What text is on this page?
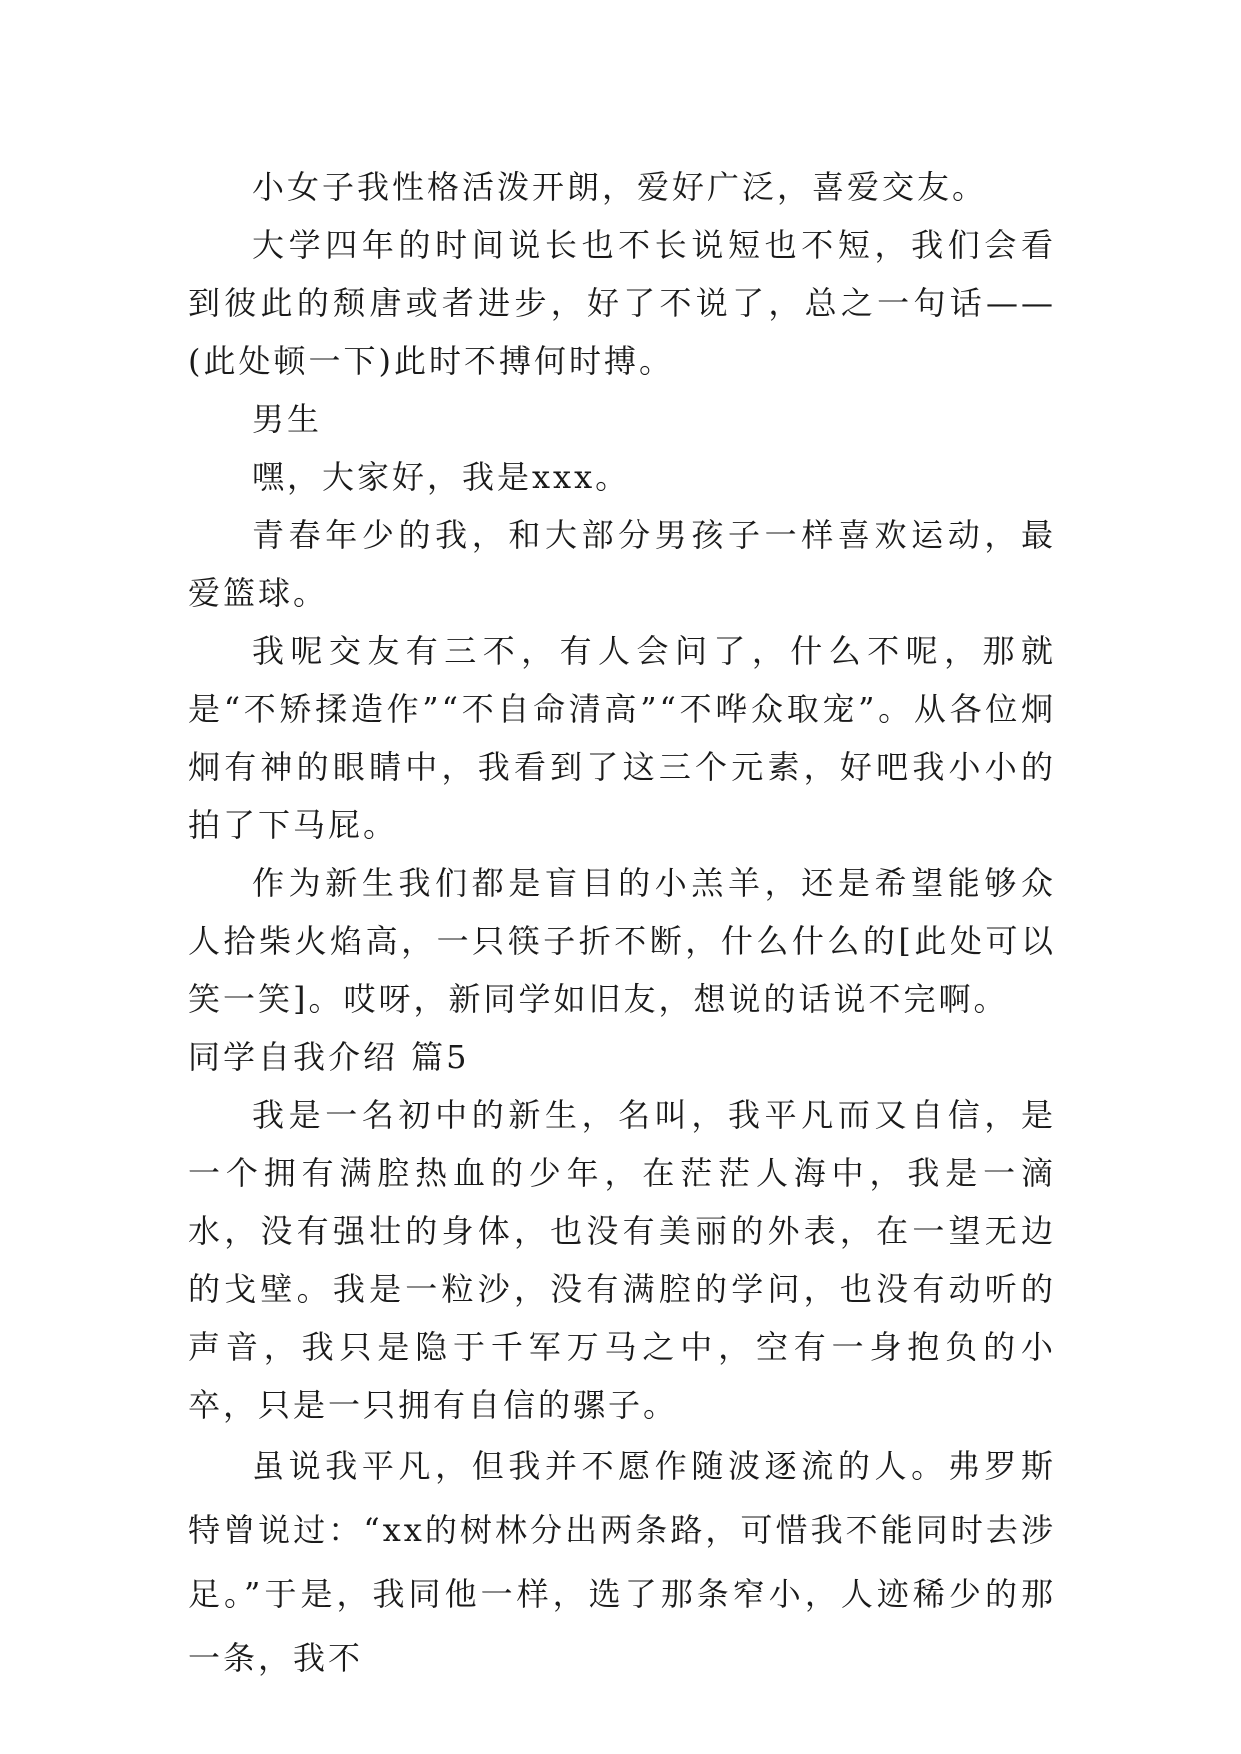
小女子我性格活泼开朗，爱好广泛，喜爱交友。

大学四年的时间说长也不长说短也不短，我们会看到彼此的颓唐或者进步，好了不说了，总之一句话——(此处顿一下)此时不搏何时搏。

男生

嘿，大家好，我是xxx。

青春年少的我，和大部分男孩子一样喜欢运动，最爱篮球。

我呢交友有三不，有人会问了，什么不呢，那就是“不矫揉造作”“不自命清高”“不哗众取宠”。从各位炯炯有神的眼睛中，我看到了这三个元素，好吧我小小的拍了下马屁。

作为新生我们都是盲目的小羔羊，还是希望能够众人拾柴火焰高，一只筷子折不断，什么什么的[此处可以笑一笑]。哎呀，新同学如旧友，想说的话说不完啊。

同学自我介绍 篇5

我是一名初中的新生，名叫，我平凡而又自信，是一个拥有满腔热血的少年，在茫茫人海中，我是一滴水，没有强壮的身体，也没有美丽的外表，在一望无边的戈壁。我是一粒沙，没有满腔的学问，也没有动听的声音，我只是隐于千军万马之中，空有一身抱负的小卒，只是一只拥有自信的骡子。

虽说我平凡，但我并不愿作随波逐流的人。弗罗斯特曾说过：“xx的树林分出两条路，可惜我不能同时去涉足。”于是，我同他一样，选了那条窄小，人迹稀少的那一条，我不
